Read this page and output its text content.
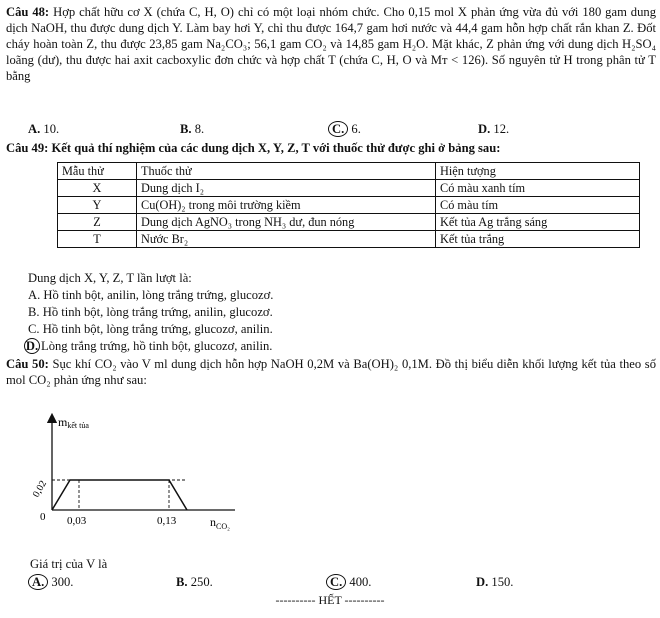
Câu 48: Hợp chất hữu cơ X (chứa C, H, O) chỉ có một loại nhóm chức. Cho 0,15 mol X phản ứng vừa đủ với 180 gam dung dịch NaOH, thu được dung dịch Y. Làm bay hơi Y, chỉ thu được 164,7 gam hơi nước và 44,4 gam hỗn hợp chất rắn khan Z. Đốt cháy hoàn toàn Z, thu được 23,85 gam Na₂CO₃; 56,1 gam CO₂ và 14,85 gam H₂O. Mặt khác, Z phản ứng với dung dịch H₂SO₄ loãng (dư), thu được hai axit cacboxylic đơn chức và hợp chất T (chứa C, H, O và Mᴛ < 126). Số nguyên tử H trong phân tử T bằng
A. 10.	B. 8.	C. 6.	D. 12.
Câu 49: Kết quả thí nghiệm của các dung dịch X, Y, Z, T với thuốc thử được ghi ở bảng sau:
Mẫu thử	Thuốc thử	Hiện tượng
X	Dung dịch I₂	Có màu xanh tím
Y	Cu(OH)₂ trong môi trường kiềm	Có màu tím
Z	Dung dịch AgNO₃ trong NH₃ dư, đun nóng	Kết tủa Ag trắng sáng
T	Nước Br₂	Kết tủa trắng
Dung dịch X, Y, Z, T lần lượt là:
A. Hồ tinh bột, anilin, lòng trắng trứng, glucozơ.
B. Hồ tinh bột, lòng trắng trứng, anilin, glucozơ.
C. Hồ tinh bột, lòng trắng trứng, glucozơ, anilin.
D. Lòng trắng trứng, hồ tinh bột, glucozơ, anilin.
Câu 50: Sục khí CO₂ vào V ml dung dịch hỗn hợp NaOH 0,2M và Ba(OH)₂ 0,1M. Đồ thị biểu diễn khối lượng kết tủa theo số mol CO₂ phản ứng như sau:
mkết tủa
$n_{CO_2}$
0
0,02
0,03	0,13
Giá trị của V là
A. 300.	B. 250.	C. 400.	D. 150.
---------- HẾT ----------
